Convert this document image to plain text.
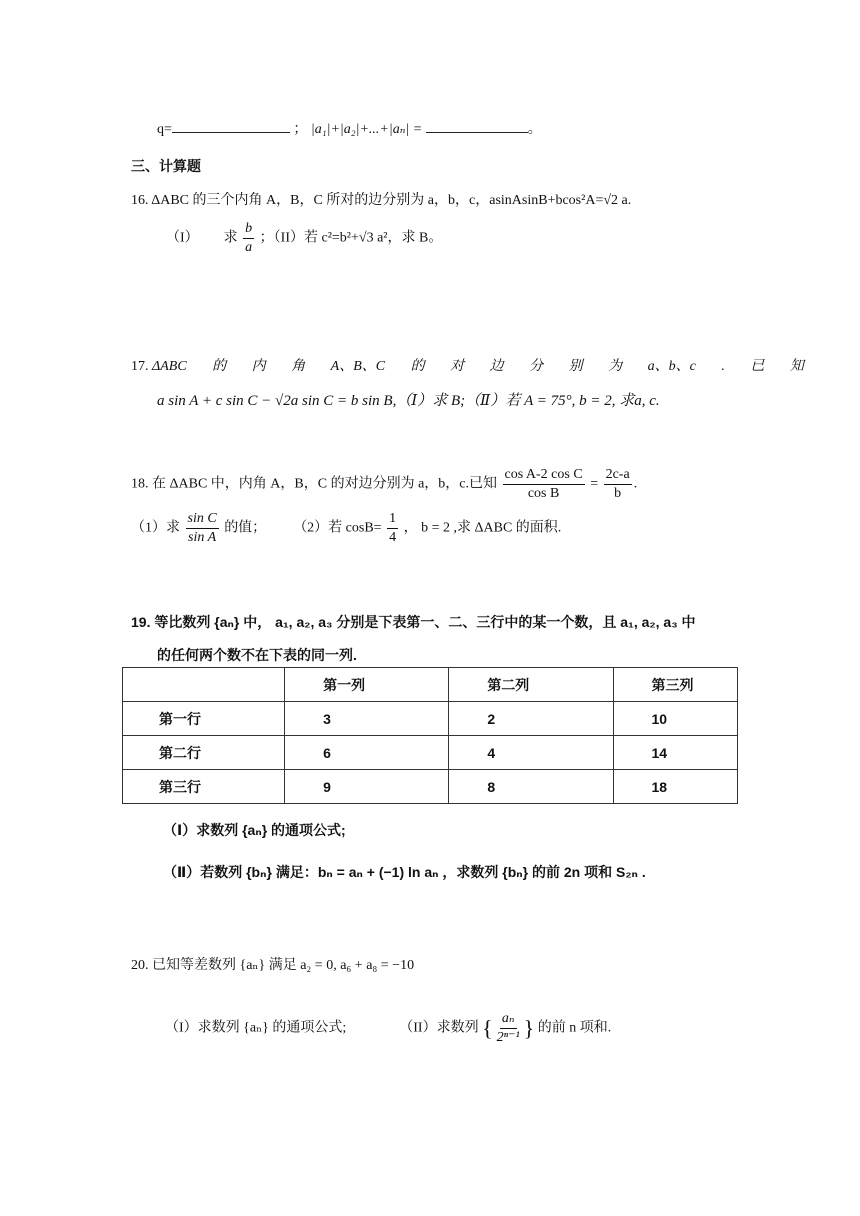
q=	； |a₁|+|a₂|+...+|aₙ| =	。
三、计算题
16. ΔABC 的三个内角 A，B，C 所对的边分别为 a，b，c，asinAsinB+bcos²A=√2 a.
（I） 求 $\frac{b}{a}$ ；（II）若 c²=b²+√3 a²，求 B。
17. ΔABC 的 内 角 A、B、C 的 对 边 分 别 为 a、b、c . 已 知
a sin A + c sin C − √2a sin C = b sin B,（Ⅰ）求 B;（Ⅱ）若 A = 75°, b = 2, 求a, c.
18. 在 ΔABC 中，内角 A，B，C 的对边分别为 a，b，c.已知 $\frac{\text{cos A-2 cos C}}{\text{cos B}} = \frac{2c-a}{b}$ .
（1）求 $\frac{\text{sin C}}{\text{sin A}}$ 的值； （2）若 $\cos B= \frac{1}{4}$ ， b = 2 ,求 ΔABC 的面积.
19. 等比数列 {aₙ} 中， a₁, a₂, a₃ 分别是下表第一、二、三行中的某一个数，且 a₁, a₂, a₃ 中
的任何两个数不在下表的同一列.
	第一列	第二列	第三列
第一行	3	2	10
第二行	6	4	14
第三行	9	8	18
（Ⅰ）求数列 {aₙ} 的通项公式;
（Ⅱ）若数列 {bₙ} 满足：bₙ = aₙ + (−1) ln aₙ ，求数列 {bₙ} 的前 2n 项和 S₂ₙ .
20. 已知等差数列 {aₙ} 满足 a₂ = 0, a₆ + a₈ = −10
（I）求数列 {aₙ} 的通项公式;	（II）求数列 { $\frac{\text{aₙ}}{\text{2ⁿ⁻¹}}$ } 的前 n 项和.
